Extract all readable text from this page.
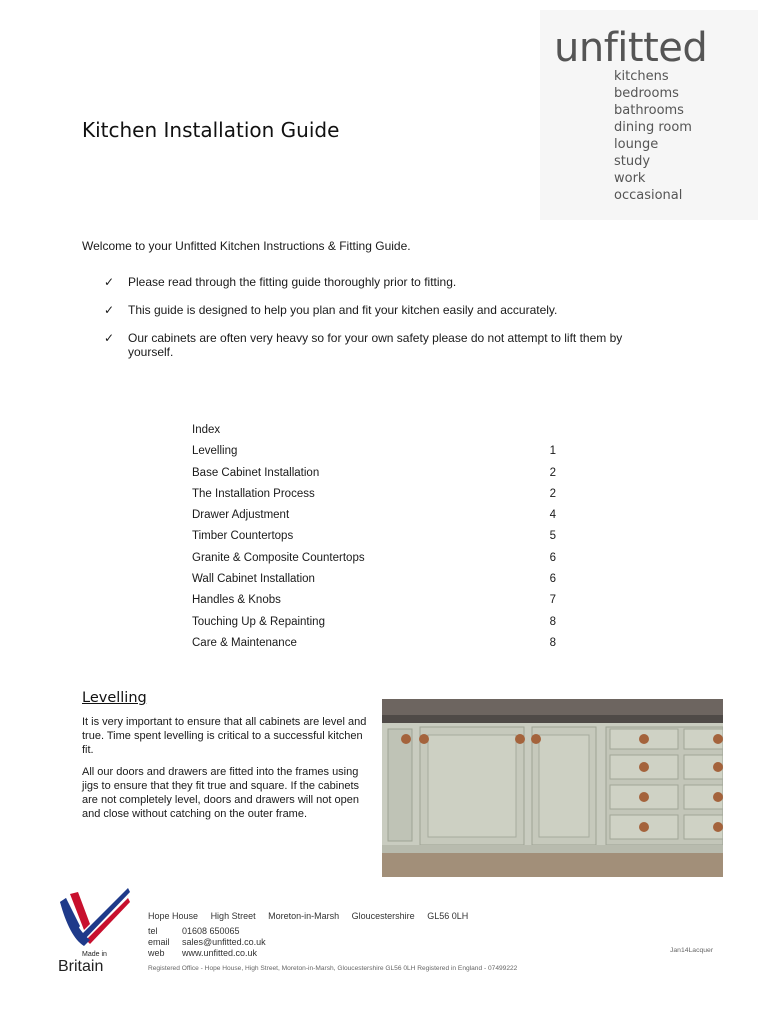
unfitted
kitchens
bedrooms
bathrooms
dining room
lounge
study
work
occasional
Kitchen Installation Guide

Welcome to your Unfitted Kitchen Instructions & Fitting Guide.

✓ Please read through the fitting guide thoroughly prior to fitting.
✓ This guide is designed to help you plan and fit your kitchen easily and accurately.
✓ Our cabinets are often very heavy so for your own safety please do not attempt to lift them by yourself.
Index
Levelling	1
Base Cabinet Installation	2
The Installation Process	2
Drawer Adjustment	4
Timber Countertops	5
Granite & Composite Countertops	6
Wall Cabinet Installation	6
Handles & Knobs	7
Touching Up & Repainting	8
Care & Maintenance	8
Levelling

It is very important to ensure that all cabinets are level and true. Time spent levelling is critical to a successful kitchen fit.

All our doors and drawers are fitted into the frames using jigs to ensure that they fit true and square. If the cabinets are not completely level, doors and drawers will not open and close without catching on the outer frame.

Made in
Britain
Hope House High Street Moreton-in-Marsh Gloucestershire GL56 0LH
tel	01608 650065
email	sales@unfitted.co.uk
web	www.unfitted.co.uk
Registered Office - Hope House, High Street, Moreton-in-Marsh, Gloucestershire GL56 0LH Registered in England - 07499222
Jan14Lacquer
